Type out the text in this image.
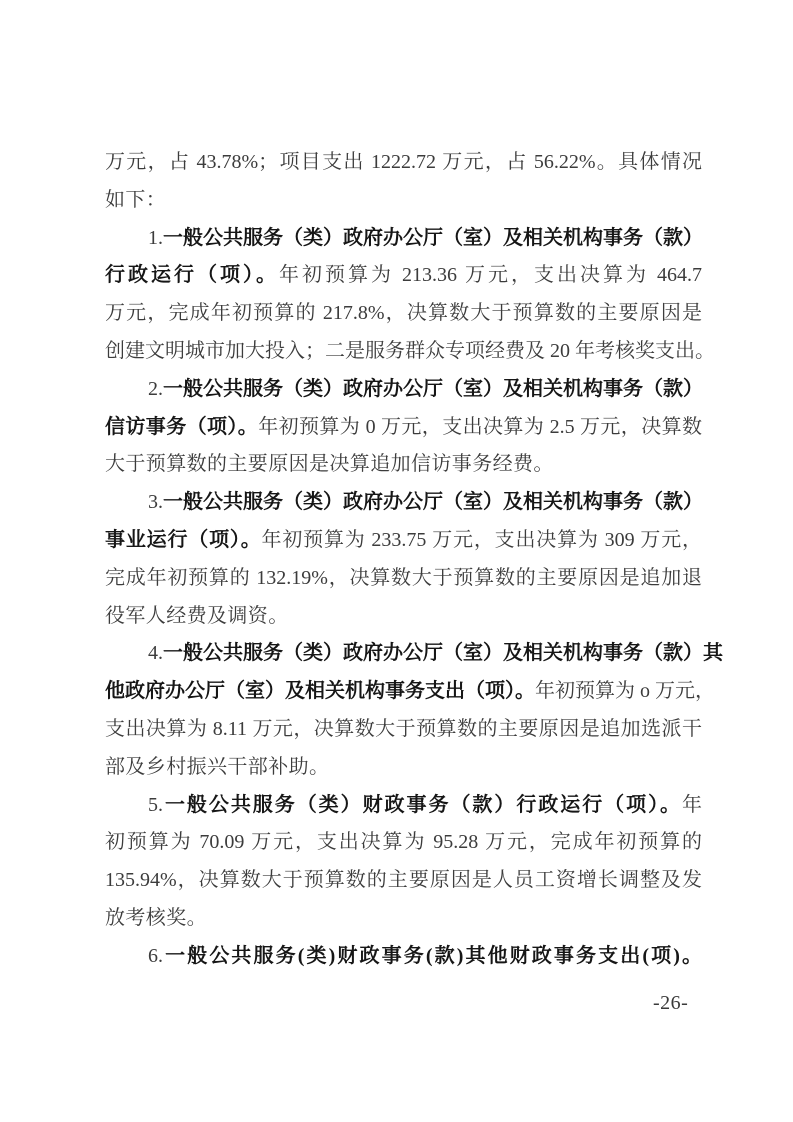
万元，占 43.78%；项目支出 1222.72 万元，占 56.22%。具体情况
如下：
1.一般公共服务（类）政府办公厅（室）及相关机构事务（款）
行政运行（项）。年初预算为 213.36 万元，支出决算为 464.7
万元，完成年初预算的 217.8%，决算数大于预算数的主要原因是
创建文明城市加大投入；二是服务群众专项经费及 20 年考核奖支出。
2.一般公共服务（类）政府办公厅（室）及相关机构事务（款）
信访事务（项）。年初预算为 0 万元，支出决算为 2.5 万元，决算数
大于预算数的主要原因是决算追加信访事务经费。
3.一般公共服务（类）政府办公厅（室）及相关机构事务（款）
事业运行（项）。年初预算为 233.75 万元，支出决算为 309 万元，
完成年初预算的 132.19%，决算数大于预算数的主要原因是追加退
役军人经费及调资。
4.一般公共服务（类）政府办公厅（室）及相关机构事务（款）其
他政府办公厅（室）及相关机构事务支出（项）。年初预算为 o 万元，
支出决算为 8.11 万元，决算数大于预算数的主要原因是追加选派干
部及乡村振兴干部补助。
5.一般公共服务（类）财政事务（款）行政运行（项）。年
初预算为 70.09 万元，支出决算为 95.28 万元，完成年初预算的
135.94%，决算数大于预算数的主要原因是人员工资增长调整及发
放考核奖。
6.一般公共服务(类)财政事务(款)其他财政事务支出(项)。
-26-
